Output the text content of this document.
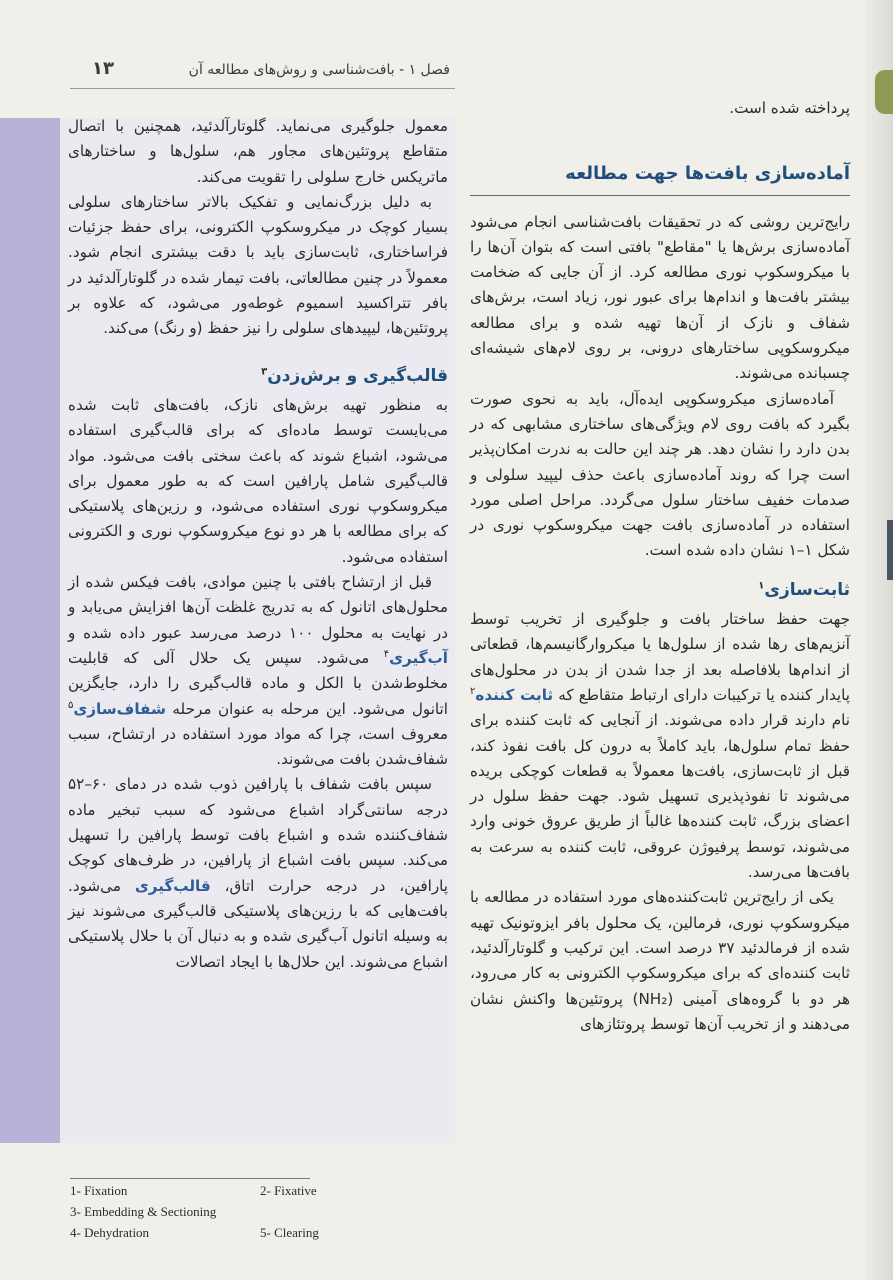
فصل ۱ - بافت‌شناسی و روش‌های مطالعه آن
۱۳

پرداخته شده است.

آماده‌سازی بافت‌ها جهت مطالعه

رایج‌ترین روشی که در تحقیقات بافت‌شناسی انجام می‌شود آماده‌سازی برش‌ها یا "مقاطع" بافتی است که بتوان آن‌ها را با میکروسکوپ نوری مطالعه کرد. از آن جایی که ضخامت بیشتر بافت‌ها و اندام‌ها برای عبور نور، زیاد است، برش‌های شفاف و نازک از آن‌ها تهیه شده و برای مطالعه میکروسکوپی ساختارهای درونی، بر روی لام‌های شیشه‌ای چسبانده می‌شوند.

آماده‌سازی میکروسکوپی ایده‌آل، باید به نحوی صورت بگیرد که بافت روی لام ویژگی‌های ساختاری مشابهی که در بدن دارد را نشان دهد. هر چند این حالت به ندرت امکان‌پذیر است چرا که روند آماده‌سازی باعث حذف لیپید سلولی و صدمات خفیف ساختار سلول می‌گردد. مراحل اصلی مورد استفاده در آماده‌سازی بافت جهت میکروسکوپ نوری در شکل ۱–۱ نشان داده شده است.

ثابت‌سازی$^۱$

جهت حفظ ساختار بافت و جلوگیری از تخریب توسط آنزیم‌های رها شده از سلول‌ها یا میکروارگانیسم‌ها، قطعاتی از اندام‌ها بلافاصله بعد از جدا شدن از بدن در محلول‌های پایدار کننده یا ترکیبات دارای ارتباط متقاطع که ثابت کننده$^۲$ نام دارند قرار داده می‌شوند. از آنجایی که ثابت کننده برای حفظ تمام سلول‌ها، باید کاملاً به درون کل بافت نفوذ کند، قبل از ثابت‌سازی، بافت‌ها معمولاً به قطعات کوچکی بریده می‌شوند تا نفوذپذیری تسهیل شود. جهت حفظ سلول در اعضای بزرگ، ثابت کننده‌ها غالباً از طریق عروق خونی وارد می‌شوند، توسط پرفیوژن عروقی، ثابت کننده به سرعت به بافت‌ها می‌رسد.

یکی از رایج‌ترین ثابت‌کننده‌های مورد استفاده در مطالعه با میکروسکوپ نوری، فرمالین، یک محلول بافر ایزوتونیک تهیه شده از فرمالدئید ۳۷ درصد است. این ترکیب و گلوتارآلدئید، ثابت کننده‌ای که برای میکروسکوپ الکترونی به کار می‌رود، هر دو با گروه‌های آمینی (NH₂) پروتئین‌ها واکنش نشان می‌دهند و از تخریب آن‌ها توسط پروتئازهای

معمول جلوگیری می‌نماید. گلوتارآلدئید، همچنین با اتصال متقاطع پروتئین‌های مجاور هم، سلول‌ها و ساختارهای ماتریکس خارج سلولی را تقویت می‌کند.

به دلیل بزرگ‌نمایی و تفکیک بالاتر ساختارهای سلولی بسیار کوچک در میکروسکوپ الکترونی، برای حفظ جزئیات فراساختاری، ثابت‌سازی باید با دقت بیشتری انجام شود. معمولاً در چنین مطالعاتی، بافت تیمار شده در گلوتارآلدئید در بافر تتراکسید اسمیوم غوطه‌ور می‌شود، که علاوه بر پروتئین‌ها، لیپیدهای سلولی را نیز حفظ (و رنگ) می‌کند.

قالب‌گیری و برش‌زدن$^۳$

به منظور تهیه برش‌های نازک، بافت‌های ثابت شده می‌بایست توسط ماده‌ای که برای قالب‌گیری استفاده می‌شود، اشباع شوند که باعث سختی بافت می‌شود. مواد قالب‌گیری شامل پارافین است که به طور معمول برای میکروسکوپ نوری استفاده می‌شود، و رزین‌های پلاستیکی که برای مطالعه با هر دو نوع میکروسکوپ نوری و الکترونی استفاده می‌شود.

قبل از ارتشاح بافتی با چنین موادی، بافت فیکس شده از محلول‌های اتانول که به تدریج غلظت آن‌ها افزایش می‌یابد و در نهایت به محلول ۱۰۰ درصد می‌رسد عبور داده شده و آب‌گیری$^۴$ می‌شود. سپس یک حلال آلی که قابلیت مخلوط‌شدن با الکل و ماده قالب‌گیری را دارد، جایگزین اتانول می‌شود. این مرحله به عنوان مرحله شفاف‌سازی$^۵$ معروف است، چرا که مواد مورد استفاده در ارتشاح، سبب شفاف‌شدن بافت می‌شوند.

سپس بافت شفاف با پارافین ذوب شده در دمای ۶۰–۵۲ درجه سانتی‌گراد اشباع می‌شود که سبب تبخیر ماده شفاف‌کننده شده و اشباع بافت توسط پارافین را تسهیل می‌کند. سپس بافت اشباع از پارافین، در ظرف‌های کوچک پارافین، در درجه حرارت اتاق، قالب‌گیری می‌شود. بافت‌هایی که با رزین‌های پلاستیکی قالب‌گیری می‌شوند نیز به وسیله اتانول آب‌گیری شده و به دنبال آن با حلال پلاستیکی اشباع می‌شوند. این حلال‌ها با ایجاد اتصالات

1- Fixation	2- Fixative
3- Embedding & Sectioning
4- Dehydration	5- Clearing
